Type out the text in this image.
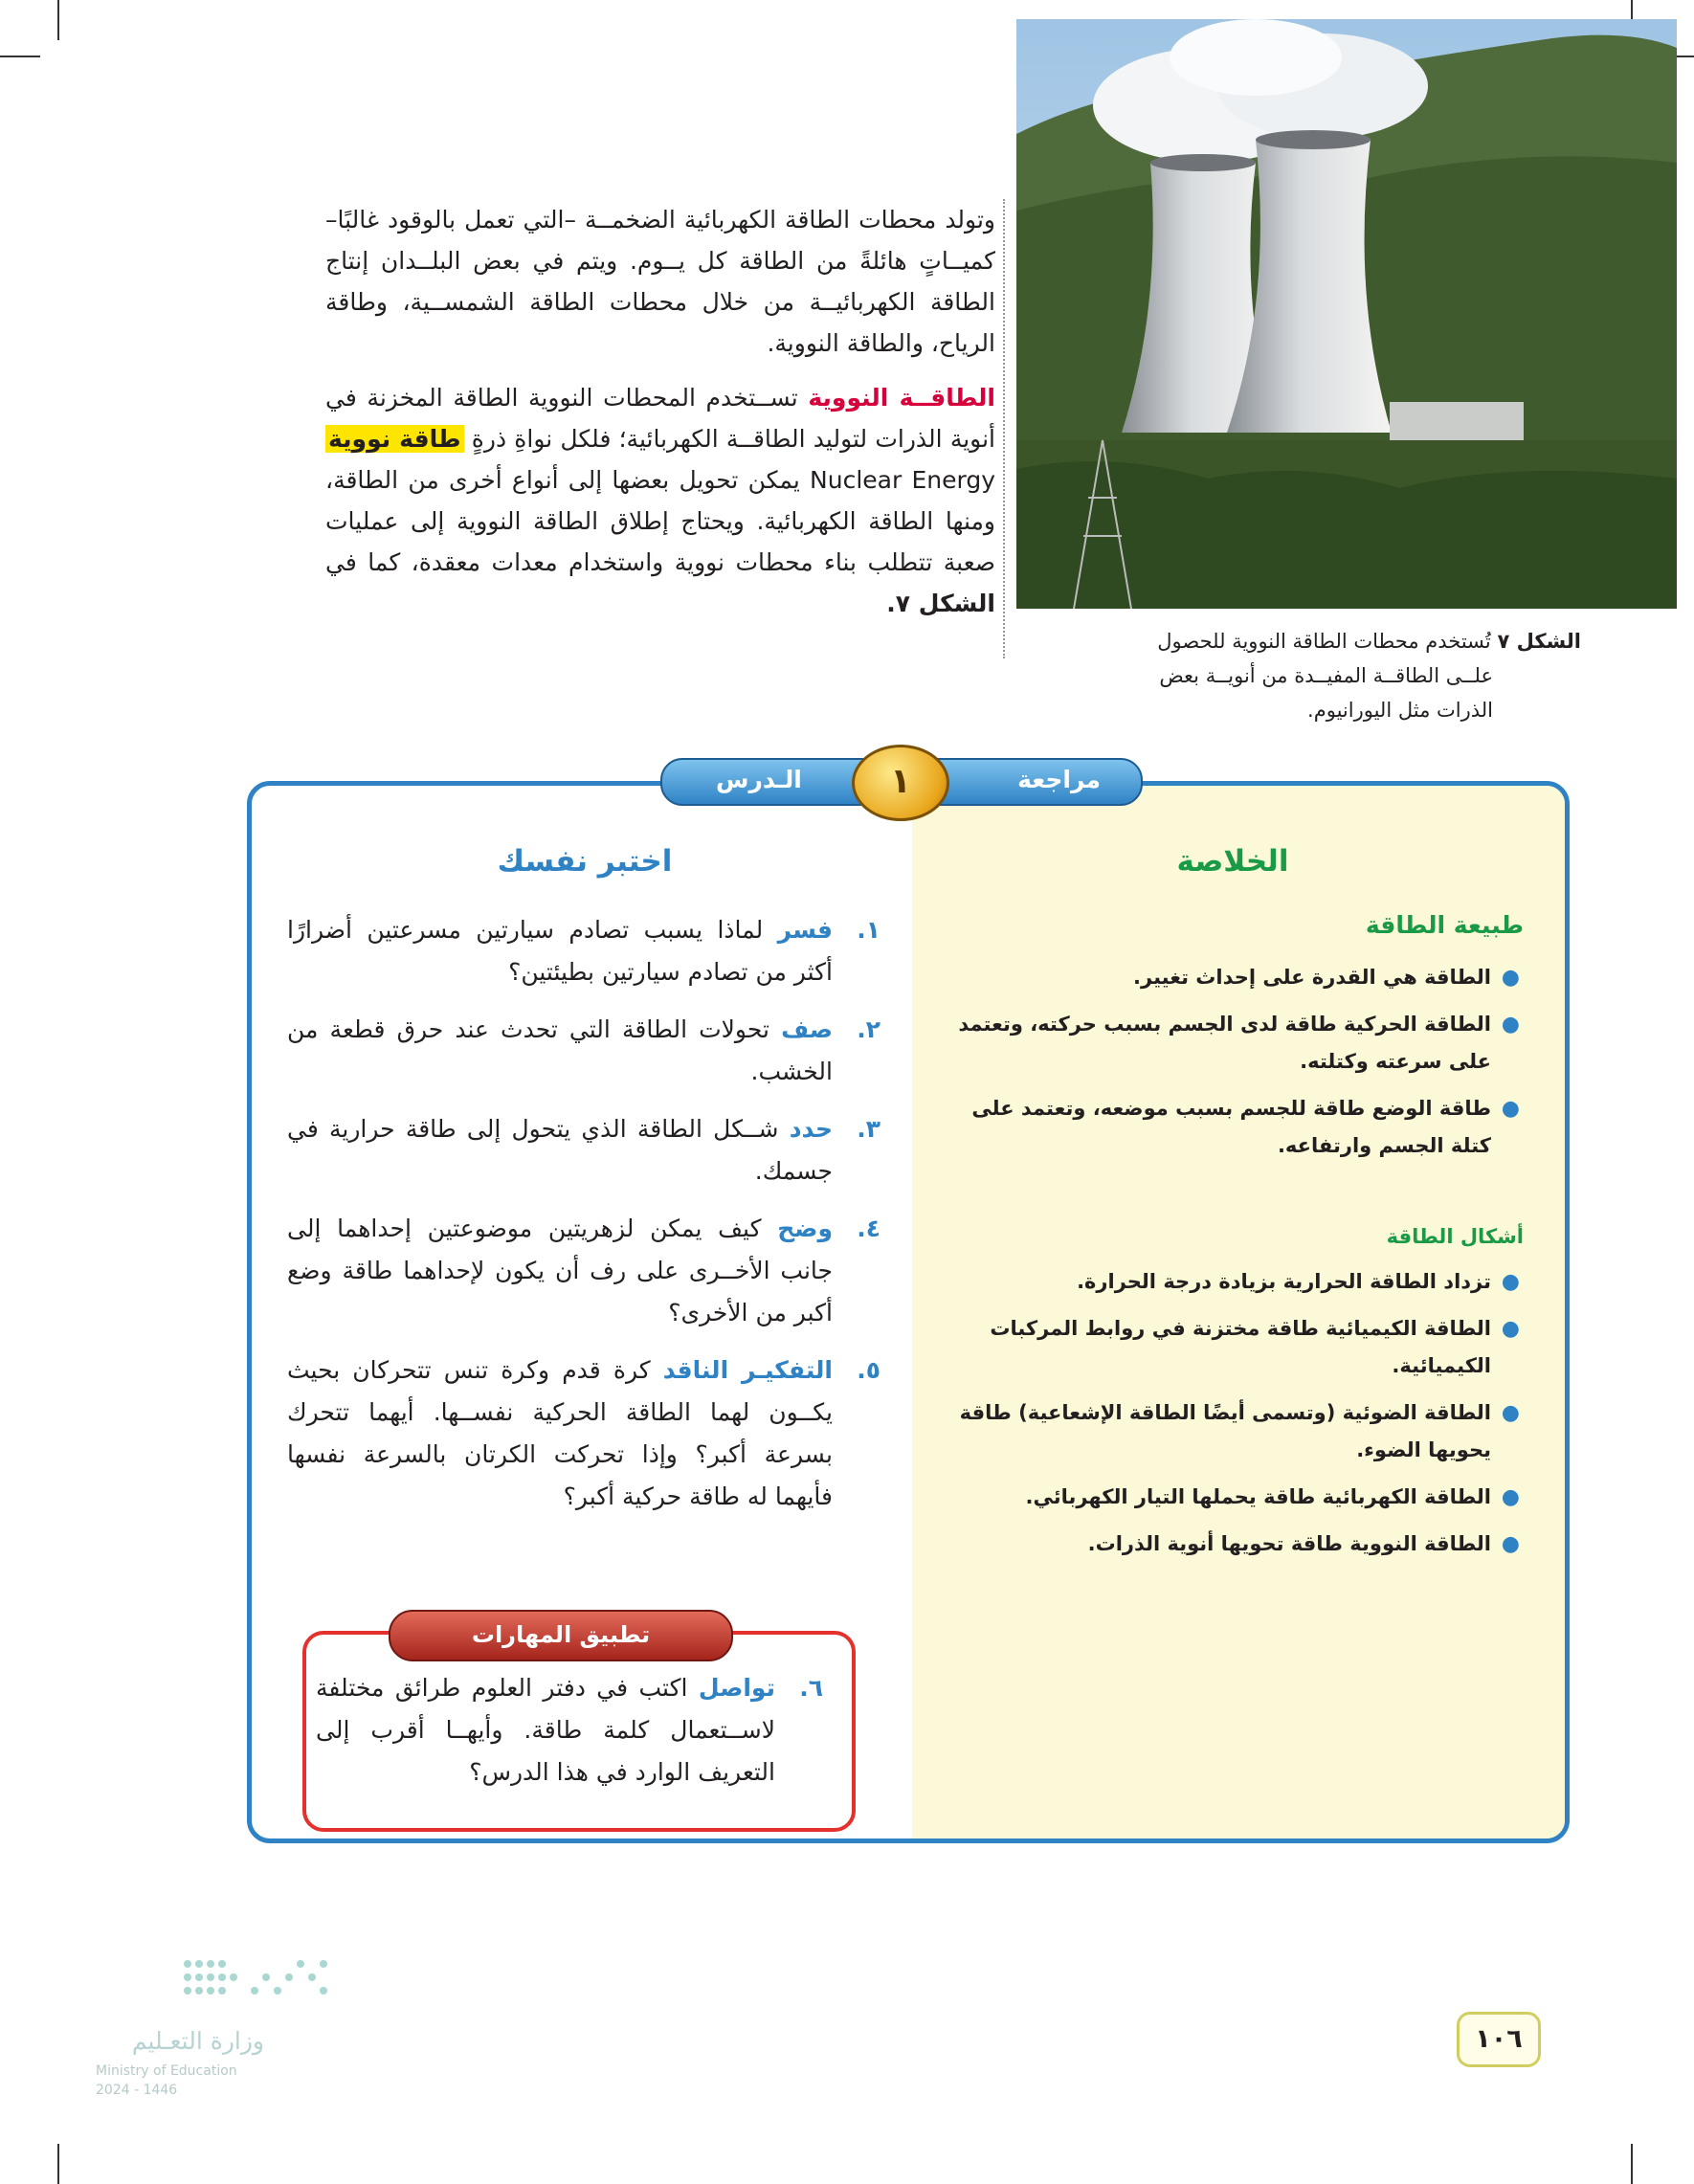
الشكل ٧ تُستخدم محطات الطاقة النووية للحصول
علــى الطاقــة المفيــدة من أنويــة بعض
الذرات مثل اليورانيوم.

وتولد محطات الطاقة الكهربائية الضخمــة –التي تعمل بالوقود غالبًا– كميــاتٍ هائلةً من الطاقة كل يــوم. ويتم في بعض البلــدان إنتاج الطاقة الكهربائيــة من خلال محطات الطاقة الشمســية، وطاقة الرياح، والطاقة النووية.

الطاقــة النووية تســتخدم المحطات النووية الطاقة المخزنة في أنوية الذرات لتوليد الطاقــة الكهربائية؛ فلكل نواةِ ذرةٍ طاقة نووية Nuclear Energy يمكن تحويل بعضها إلى أنواع أخرى من الطاقة، ومنها الطاقة الكهربائية. ويحتاج إطلاق الطاقة النووية إلى عمليات صعبة تتطلب بناء محطات نووية واستخدام معدات معقدة، كما في الشكل ٧.

مراجعة
الـدرس	١
الخلاصة
طبيعة الطاقة
●
الطاقة هي القدرة على إحداث تغيير.
●
الطاقة الحركية طاقة لدى الجسم بسبب حركته، وتعتمد على سرعته وكتلته.
●
طاقة الوضع طاقة للجسم بسبب موضعه، وتعتمد على كتلة الجسم وارتفاعه.
أشكال الطاقة
●
تزداد الطاقة الحرارية بزيادة درجة الحرارة.
●
الطاقة الكيميائية طاقة مختزنة في روابط المركبات الكيميائية.
●
الطاقة الضوئية (وتسمى أيضًا الطاقة الإشعاعية) طاقة يحويها الضوء.
●
الطاقة الكهربائية طاقة يحملها التيار الكهربائي.
●
الطاقة النووية طاقة تحويها أنوية الذرات.
اختبر نفسك
١.
فسر لماذا يسبب تصادم سيارتين مسرعتين أضرارًا أكثر من تصادم سيارتين بطيئتين؟
٢.
صف تحولات الطاقة التي تحدث عند حرق قطعة من الخشب.
٣.
حدد شــكل الطاقة الذي يتحول إلى طاقة حرارية في جسمك.
٤.
وضح كيف يمكن لزهريتين موضوعتين إحداهما إلى جانب الأخــرى على رف أن يكون لإحداهما طاقة وضع أكبر من الأخرى؟
٥.
التفكيـر الناقد كرة قدم وكرة تنس تتحركان بحيث يكــون لهما الطاقة الحركية نفســها. أيهما تتحرك بسرعة أكبر؟ وإذا تحركت الكرتان بالسرعة نفسها فأيهما له طاقة حركية أكبر؟
تطبيق المهارات
٦.
تواصل اكتب في دفتر العلوم طرائق مختلفة لاســتعمال كلمة طاقة. وأيهــا أقرب إلى التعريف الوارد في هذا الدرس؟
١٠٦
وزارة التعـليم
Ministry of Education
2024 - 1446
